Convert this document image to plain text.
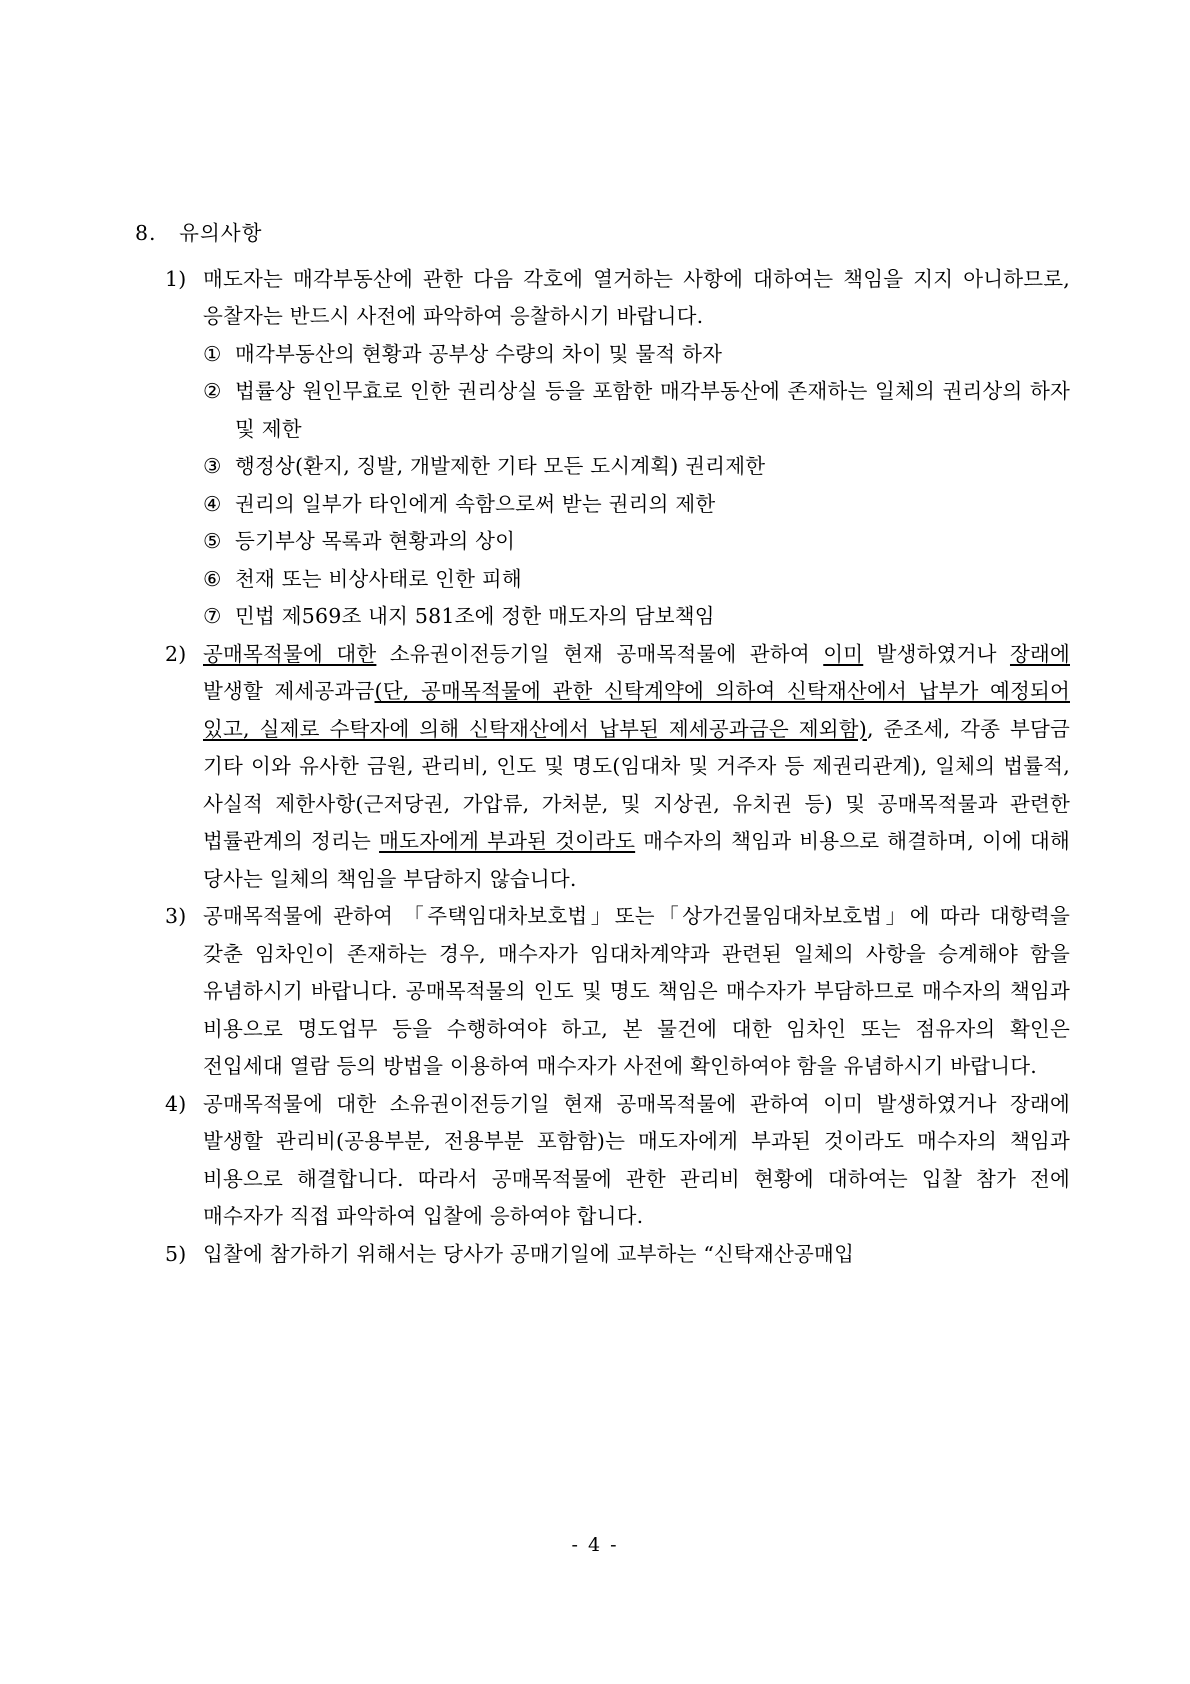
8. 유의사항
1) 매도자는 매각부동산에 관한 다음 각호에 열거하는 사항에 대하여는 책임을 지지 아니하므로, 응찰자는 반드시 사전에 파악하여 응찰하시기 바랍니다.
① 매각부동산의 현황과 공부상 수량의 차이 및 물적 하자
② 법률상 원인무효로 인한 권리상실 등을 포함한 매각부동산에 존재하는 일체의 권리상의 하자 및 제한
③ 행정상(환지, 징발, 개발제한 기타 모든 도시계획) 권리제한
④ 권리의 일부가 타인에게 속함으로써 받는 권리의 제한
⑤ 등기부상 목록과 현황과의 상이
⑥ 천재 또는 비상사태로 인한 피해
⑦ 민법 제569조 내지 581조에 정한 매도자의 담보책임
2) 공매목적물에 대한 소유권이전등기일 현재 공매목적물에 관하여 이미 발생하였거나 장래에 발생할 제세공과금(단, 공매목적물에 관한 신탁계약에 의하여 신탁재산에서 납부가 예정되어 있고, 실제로 수탁자에 의해 신탁재산에서 납부된 제세공과금은 제외함), 준조세, 각종 부담금 기타 이와 유사한 금원, 관리비, 인도 및 명도(임대차 및 거주자 등 제권리관계), 일체의 법률적, 사실적 제한사항(근저당권, 가압류, 가처분, 및 지상권, 유치권 등) 및 공매목적물과 관련한 법률관계의 정리는 매도자에게 부과된 것이라도 매수자의 책임과 비용으로 해결하며, 이에 대해 당사는 일체의 책임을 부담하지 않습니다.
3) 공매목적물에 관하여 「주택임대차보호법」또는「상가건물임대차보호법」에 따라 대항력을 갖춘 임차인이 존재하는 경우, 매수자가 임대차계약과 관련된 일체의 사항을 승계해야 함을 유념하시기 바랍니다. 공매목적물의 인도 및 명도 책임은 매수자가 부담하므로 매수자의 책임과 비용으로 명도업무 등을 수행하여야 하고, 본 물건에 대한 임차인 또는 점유자의 확인은 전입세대 열람 등의 방법을 이용하여 매수자가 사전에 확인하여야 함을 유념하시기 바랍니다.
4) 공매목적물에 대한 소유권이전등기일 현재 공매목적물에 관하여 이미 발생하였거나 장래에 발생할 관리비(공용부분, 전용부분 포함함)는 매도자에게 부과된 것이라도 매수자의 책임과 비용으로 해결합니다. 따라서 공매목적물에 관한 관리비 현황에 대하여는 입찰 참가 전에 매수자가 직접 파악하여 입찰에 응하여야 합니다.
5) 입찰에 참가하기 위해서는 당사가 공매기일에 교부하는 “신탁재산공매입
- 4 -
